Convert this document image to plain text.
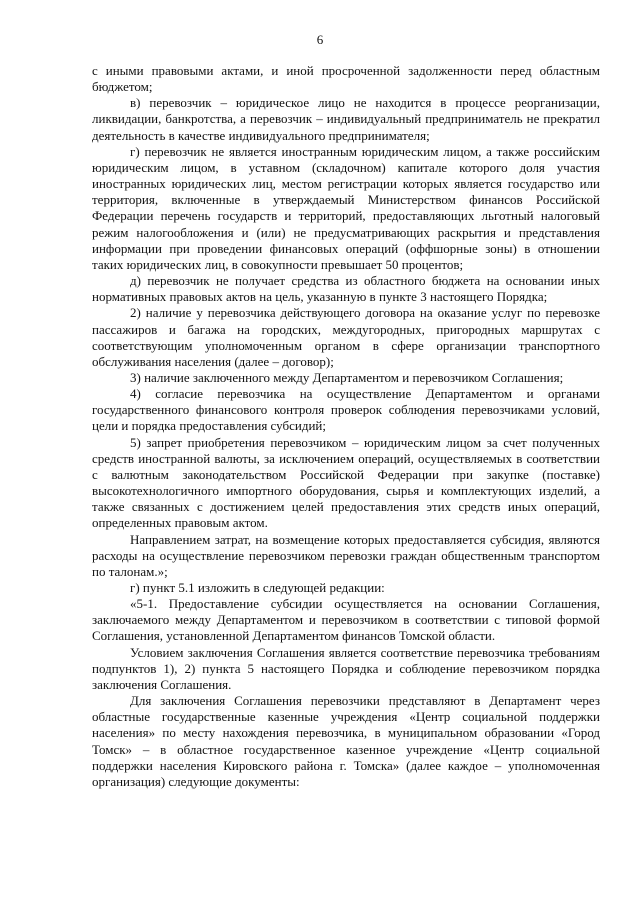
6

с иными правовыми актами, и иной просроченной задолженности перед областным бюджетом;

в) перевозчик – юридическое лицо не находится в процессе реорганизации, ликвидации, банкротства, а перевозчик – индивидуальный предприниматель не прекратил деятельность в качестве индивидуального предпринимателя;

г) перевозчик не является иностранным юридическим лицом, а также российским юридическим лицом, в уставном (складочном) капитале которого доля участия иностранных юридических лиц, местом регистрации которых является государство или территория, включенные в утверждаемый Министерством финансов Российской Федерации перечень государств и территорий, предоставляющих льготный налоговый режим налогообложения и (или) не предусматривающих раскрытия и представления информации при проведении финансовых операций (оффшорные зоны) в отношении таких юридических лиц, в совокупности превышает 50 процентов;

д) перевозчик не получает средства из областного бюджета на основании иных нормативных правовых актов на цель, указанную в пункте 3 настоящего Порядка;

2) наличие у перевозчика действующего договора на оказание услуг по перевозке пассажиров и багажа на городских, междугородных, пригородных маршрутах с соответствующим уполномоченным органом в сфере организации транспортного обслуживания населения (далее – договор);

3) наличие заключенного между Департаментом и перевозчиком Соглашения;

4) согласие перевозчика на осуществление Департаментом и органами государственного финансового контроля проверок соблюдения перевозчиками условий, цели и порядка предоставления субсидий;

5) запрет приобретения перевозчиком – юридическим лицом за счет полученных средств иностранной валюты, за исключением операций, осуществляемых в соответствии с валютным законодательством Российской Федерации при закупке (поставке) высокотехнологичного импортного оборудования, сырья и комплектующих изделий, а также связанных с достижением целей предоставления этих средств иных операций, определенных правовым актом.

Направлением затрат, на возмещение которых предоставляется субсидия, являются расходы на осуществление перевозчиком перевозки граждан общественным транспортом по талонам.»;

г) пункт 5.1 изложить в следующей редакции:

«5-1. Предоставление субсидии осуществляется на основании Соглашения, заключаемого между Департаментом и перевозчиком в соответствии с типовой формой Соглашения, установленной Департаментом финансов Томской области.

Условием заключения Соглашения является соответствие перевозчика требованиям подпунктов 1), 2) пункта 5 настоящего Порядка и соблюдение перевозчиком порядка заключения Соглашения.

Для заключения Соглашения перевозчики представляют в Департамент через областные государственные казенные учреждения «Центр социальной поддержки населения» по месту нахождения перевозчика, в муниципальном образовании «Город Томск» – в областное государственное казенное учреждение «Центр социальной поддержки населения Кировского района г. Томска» (далее каждое – уполномоченная организация) следующие документы:
